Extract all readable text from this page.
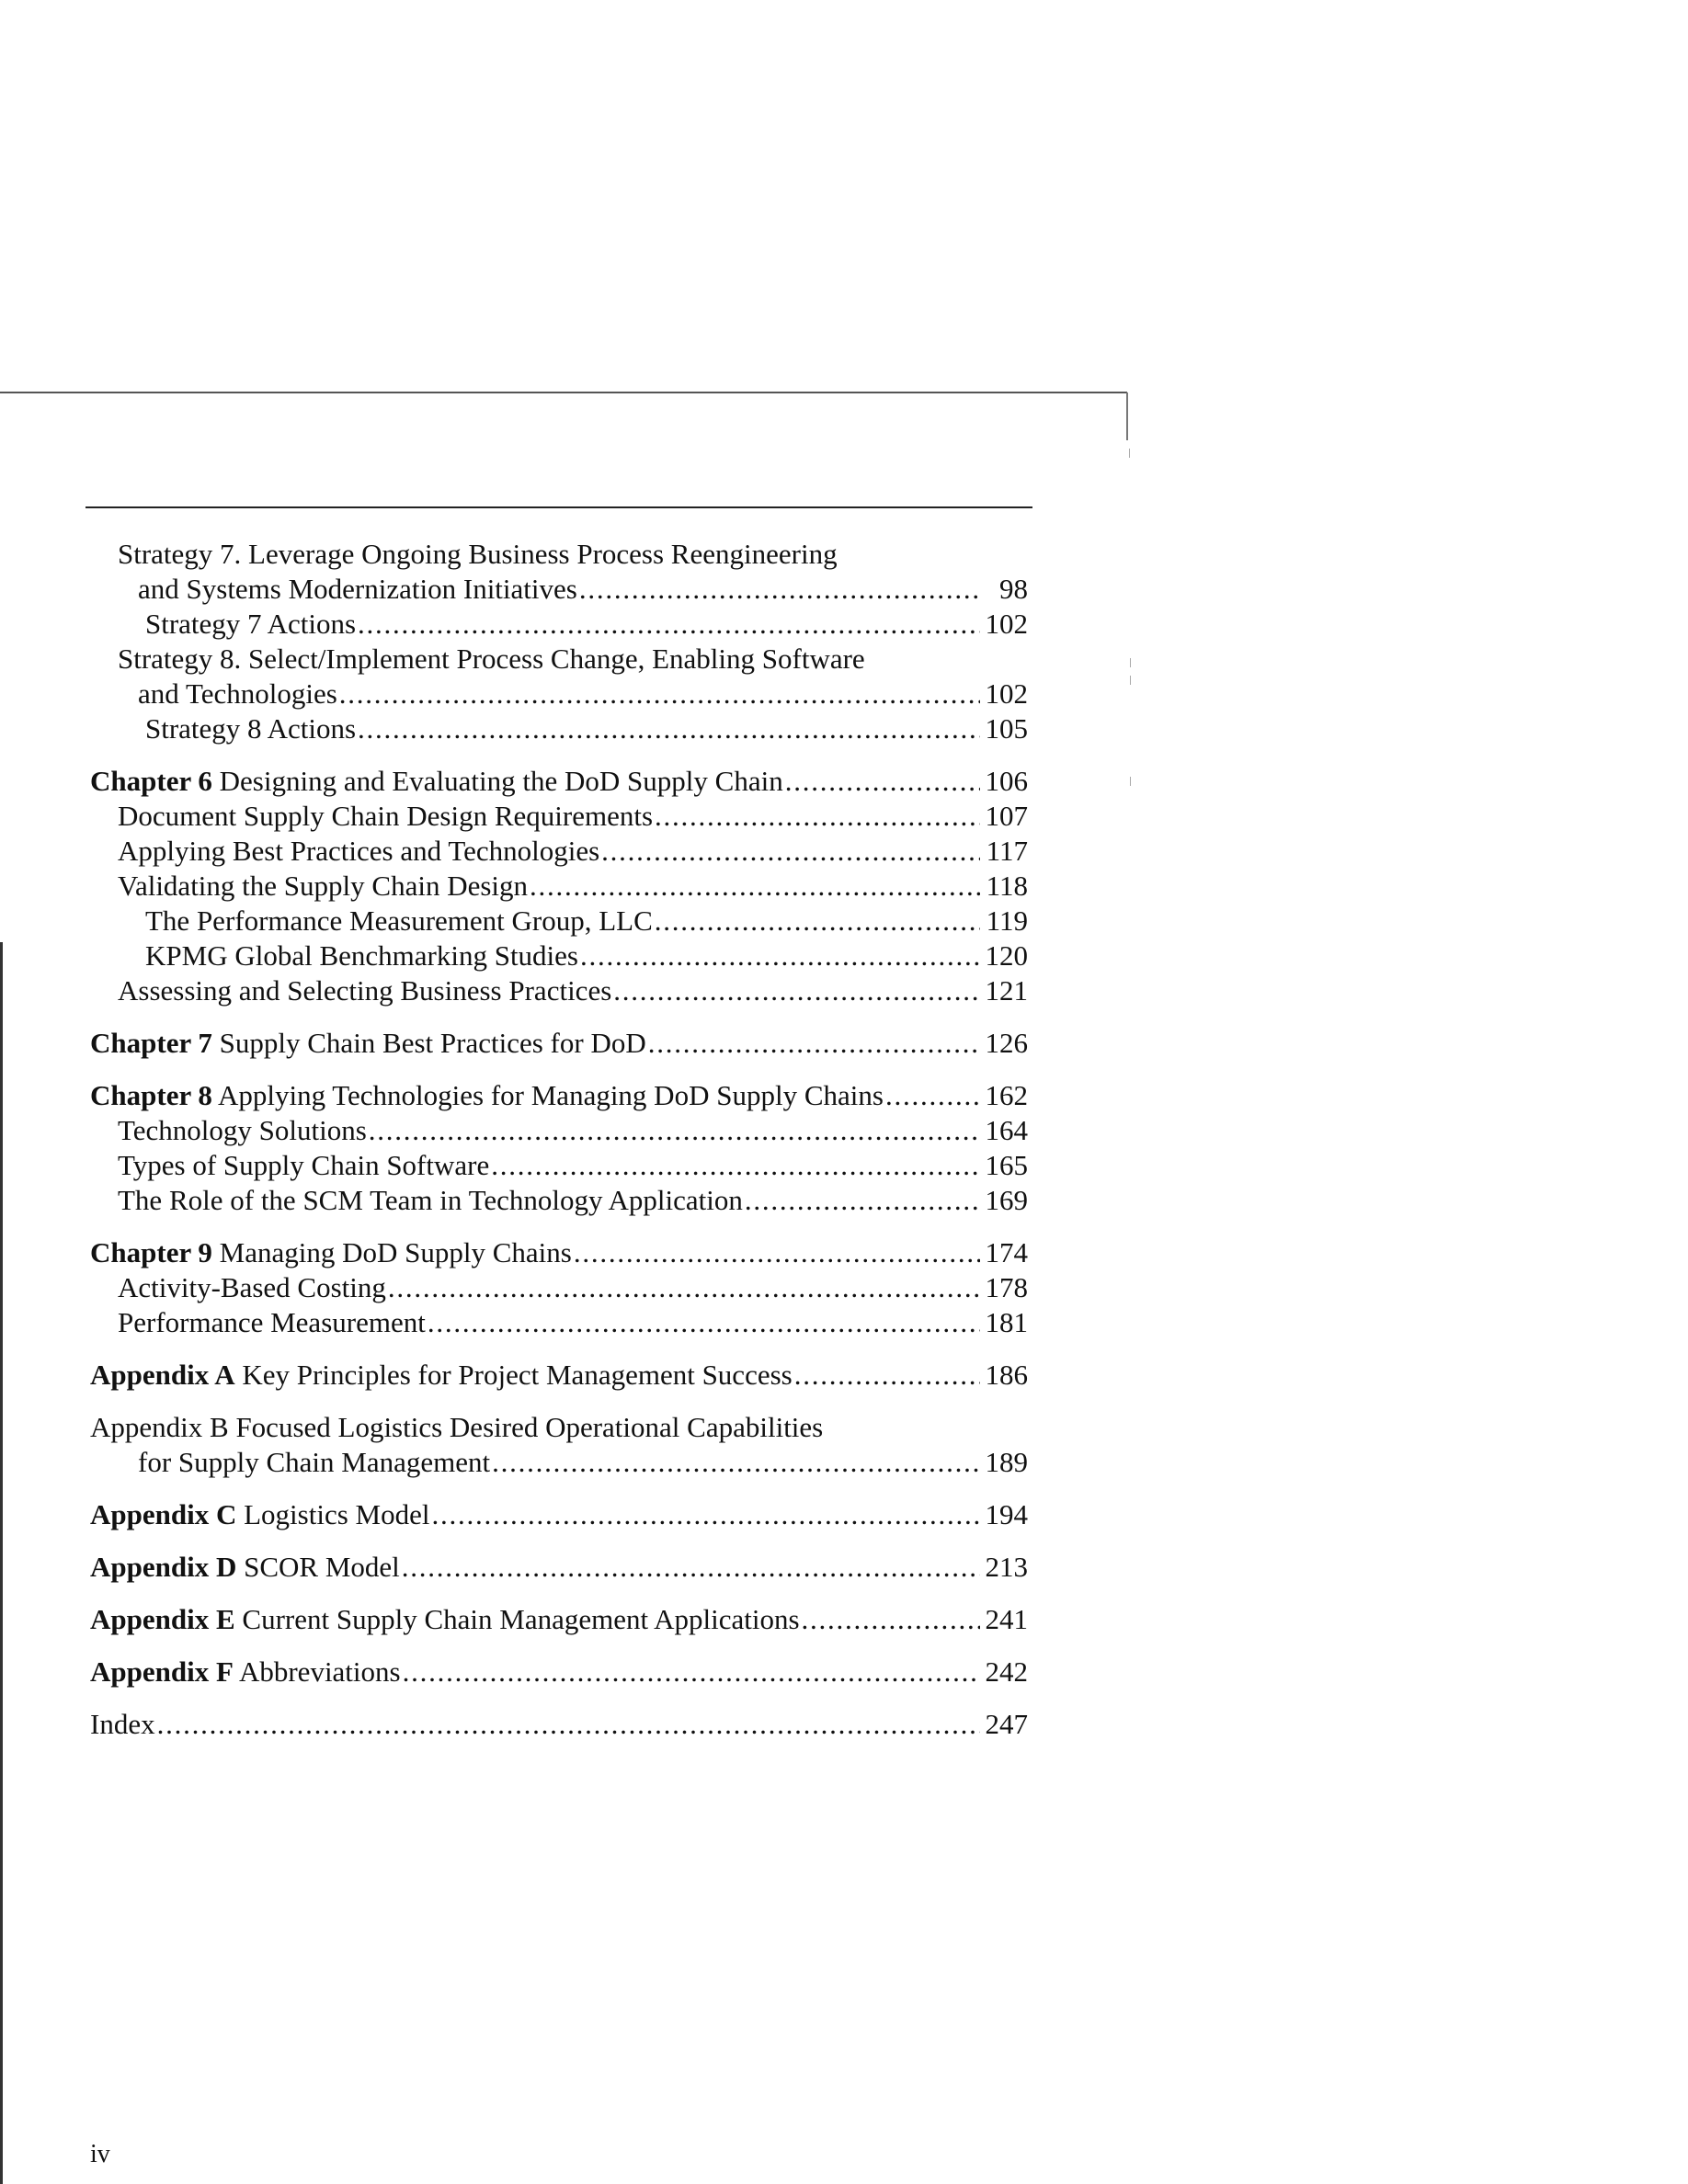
Strategy 7. Leverage Ongoing Business Process Reengineering
and Systems Modernization Initiatives . . .	98
Strategy 7 Actions . . .	102
Strategy 8. Select/Implement Process Change, Enabling Software
and Technologies . . .	102
Strategy 8 Actions . . .	105
Chapter 6 Designing and Evaluating the DoD Supply Chain . . .	106
Document Supply Chain Design Requirements . . .	107
Applying Best Practices and Technologies . . .	117
Validating the Supply Chain Design . . .	118
The Performance Measurement Group, LLC . . .	119
KPMG Global Benchmarking Studies . . .	120
Assessing and Selecting Business Practices . . .	121
Chapter 7 Supply Chain Best Practices for DoD . . .	126
Chapter 8 Applying Technologies for Managing DoD Supply Chains . . .	162
Technology Solutions . . .	164
Types of Supply Chain Software . . .	165
The Role of the SCM Team in Technology Application . . .	169
Chapter 9 Managing DoD Supply Chains . . .	174
Activity-Based Costing . . .	178
Performance Measurement . . .	181
Appendix A Key Principles for Project Management Success . . .	186
Appendix B Focused Logistics Desired Operational Capabilities
for Supply Chain Management . . .	189
Appendix C Logistics Model . . .	194
Appendix D SCOR Model . . .	213
Appendix E Current Supply Chain Management Applications . . .	241
Appendix F Abbreviations . . .	242
Index . . .	247
iv
